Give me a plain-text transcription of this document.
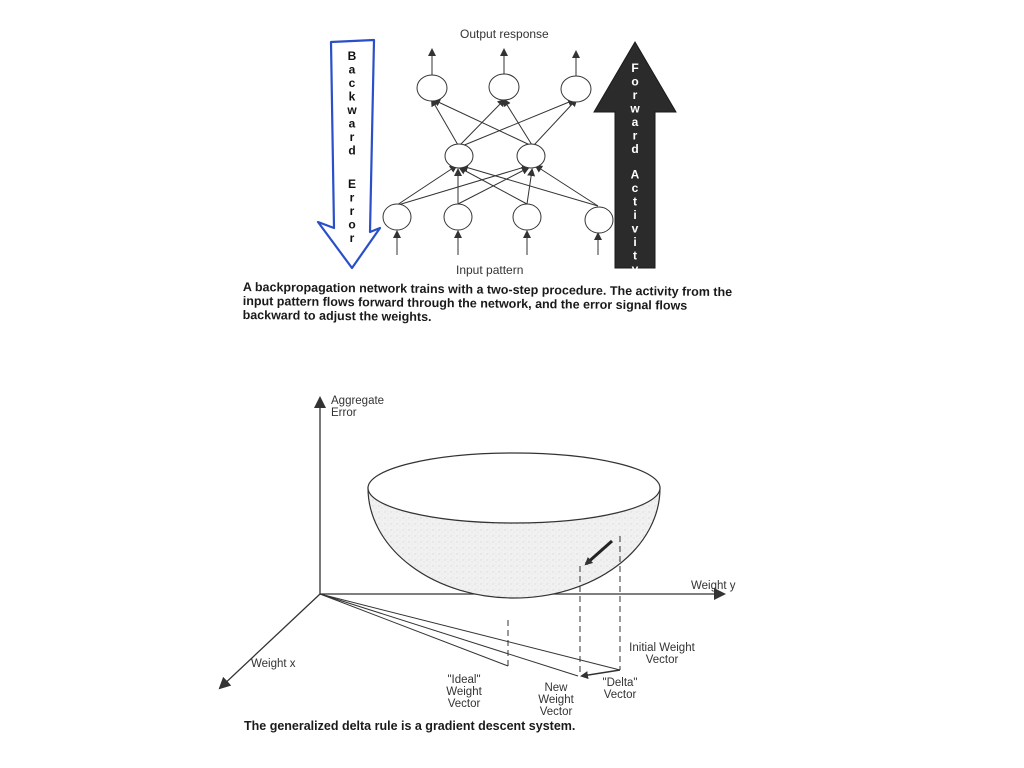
Output response
Input pattern
B a c k w a r d E r r o r
F o r w a r d A c t i v i t y
Aggregate
Error
Weight y
Weight x
"Ideal"
Weight
Vector
New
Weight
Vector
"Delta"
Vector
Initial Weight
Vector

A backpropagation network trains with a two-step procedure. The activity from the input pattern flows forward through the network, and the error signal flows backward to adjust the weights.

The generalized delta rule is a gradient descent system.
